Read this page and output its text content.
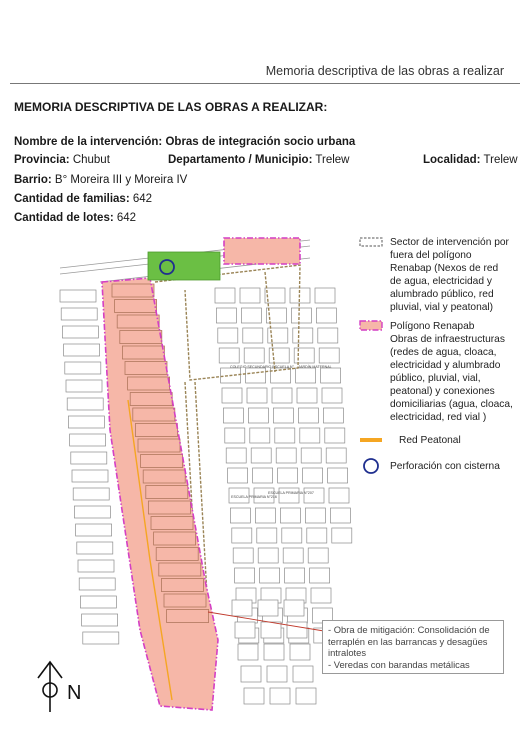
Memoria descriptiva de las obras a realizar
MEMORIA DESCRIPTIVA DE LAS OBRAS A REALIZAR:
Nombre de la intervención: Obras de integración socio urbana
Provincia: Chubut	Departamento / Municipio: Trelew	Localidad: Trelew
Barrio: B° Moreira III y Moreira IV
Cantidad de familias: 642
Cantidad de lotes: 642
COLEGIO SECUNDARIO ESCUELA N° JARDÍN MATERNAL
ESCUELA PRIMARIA N°216
ESCUELA PRIMARIA N°207
N
Sector de intervención por fuera del polígono Renabap (Nexos de red de agua, electricidad y alumbrado público, red pluvial, vial y peatonal)
Polígono Renapab
Obras de infraestructuras (redes de agua, cloaca, electricidad y alumbrado público, pluvial, vial, peatonal) y conexiones domiciliarias (agua, cloaca, electricidad, red vial )
Red Peatonal
Perforación con cisterna
- Obra de mitigación: Consolidación de terraplén en las barrancas y desagües intralotes
- Veredas con barandas metálicas
